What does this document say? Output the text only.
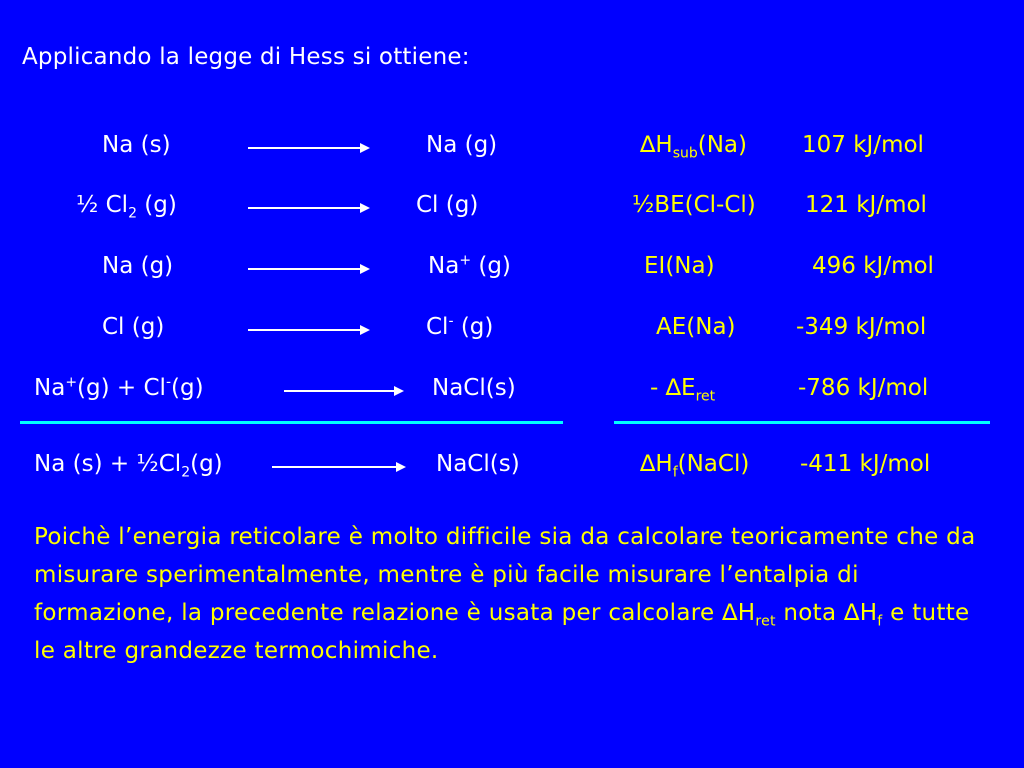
Applicando la legge di Hess si ottiene:
Na (s)	Na (g)	$\Delta H_{sub}(Na)$ 107 kJ/mol
½ $Cl_2$ (g)	Cl (g)	½BE(Cl-Cl) 121 kJ/mol
Na (g)	Na+ (g)	EI(Na)	496 kJ/mol
Cl (g)	Cl- (g)	AE(Na)	-349 kJ/mol
Na+(g) + Cl-(g)	NaCl(s)	- $\Delta E_{ret}$	-786 kJ/mol
Na $(s) + \frac{1}{2}Cl_2(g)$	NaCl(s)	$\Delta H_f(NaCl)$ -411 kJ/mol
Poichè l’energia reticolare è molto difficile sia da calcolare teoricamente che da misurare sperimentalmente, mentre è più facile misurare l’entalpia di formazione, la precedente relazione è usata per calcolare $\Delta H_{ret}$ nota $\Delta H_f$ e tutte le altre grandezze termochimiche.
